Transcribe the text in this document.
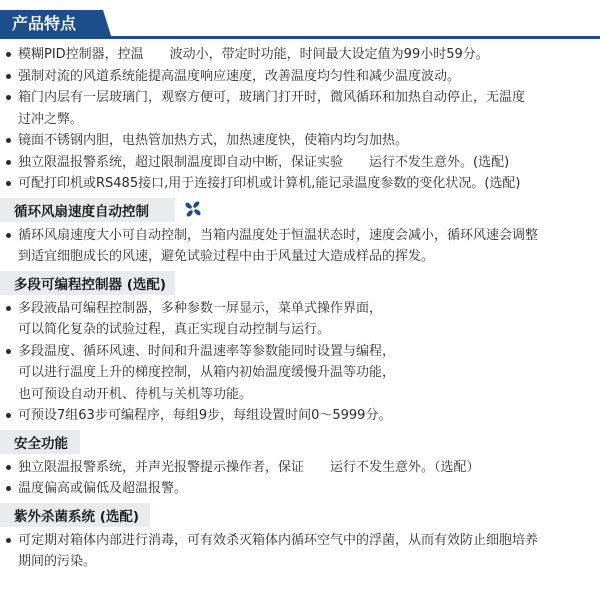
产品特点
模糊PID控制器，控温　　波动小，带定时功能，时间最大设定值为99小时59分。
强制对流的风道系统能提高温度响应速度，改善温度均匀性和减少温度波动。
箱门内层有一层玻璃门，观察方便可，玻璃门打开时，微风循环和加热自动停止，无温度
过冲之弊。
镜面不锈钢内胆，电热管加热方式，加热速度快，使箱内均匀加热。
独立限温报警系统，超过限制温度即自动中断，保证实验　　运行不发生意外。(选配)
可配打印机或RS485接口,用于连接打印机或计算机,能记录温度参数的变化状况。(选配)
循环风扇速度自动控制
循环风扇速度大小可自动控制，当箱内温度处于恒温状态时，速度会减小，循环风速会调整
到适宜细胞成长的风速，避免试验过程中由于风量过大造成样品的挥发。
多段可编程控制器 (选配)
多段液晶可编程控制器，多种参数一屏显示，菜单式操作界面，
可以简化复杂的试验过程，真正实现自动控制与运行。
多段温度、循环风速、时间和升温速率等参数能同时设置与编程，
可以进行温度上升的梯度控制，从箱内初始温度缓慢升温等功能，
也可预设自动开机、待机与关机等功能。
可预设7组63步可编程序，每组9步，每组设置时间0～5999分。
安全功能
独立限温报警系统，并声光报警提示操作者，保证　　运行不发生意外。（选配）
温度偏高或偏低及超温报警。
紫外杀菌系统 (选配)
可定期对箱体内部进行消毒，可有效杀灭箱体内循环空气中的浮菌，从而有效防止细胞培养
期间的污染。
